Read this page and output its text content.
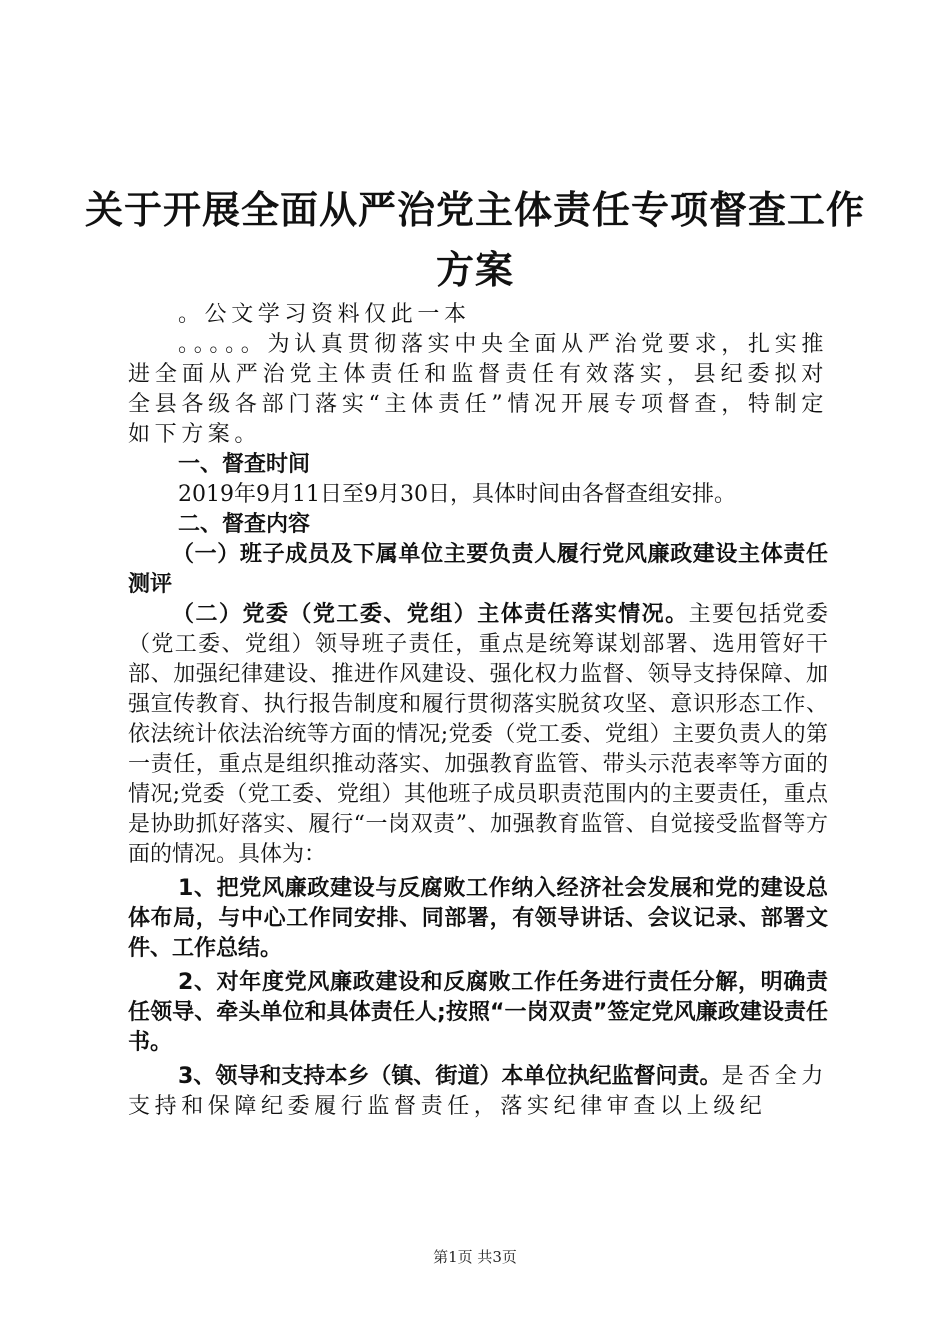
关于开展全面从严治党主体责任专项督查工作
方案

。公文学习资料仅此一本

。。。。。为认真贯彻落实中央全面从严治党要求，扎实推进全面从严治党主体责任和监督责任有效落实，县纪委拟对全县各级各部门落实“主体责任”情况开展专项督查，特制定如下方案。

一、督查时间

2019年9月11日至9月30日，具体时间由各督查组安排。

二、督查内容

（一）班子成员及下属单位主要负责人履行党风廉政建设主体责任测评

（二）党委（党工委、党组）主体责任落实情况。主要包括党委（党工委、党组）领导班子责任，重点是统筹谋划部署、选用管好干部、加强纪律建设、推进作风建设、强化权力监督、领导支持保障、加强宣传教育、执行报告制度和履行贯彻落实脱贫攻坚、意识形态工作、依法统计依法治统等方面的情况;党委（党工委、党组）主要负责人的第一责任，重点是组织推动落实、加强教育监管、带头示范表率等方面的情况;党委（党工委、党组）其他班子成员职责范围内的主要责任，重点是协助抓好落实、履行“一岗双责”、加强教育监管、自觉接受监督等方面的情况。具体为：

1、把党风廉政建设与反腐败工作纳入经济社会发展和党的建设总体布局，与中心工作同安排、同部署，有领导讲话、会议记录、部署文件、工作总结。

2、对年度党风廉政建设和反腐败工作任务进行责任分解，明确责任领导、牵头单位和具体责任人;按照“一岗双责”签定党风廉政建设责任书。

3、领导和支持本乡（镇、街道）本单位执纪监督问责。是否全力支持和保障纪委履行监督责任，落实纪律审查以上级纪

第1页 共3页
